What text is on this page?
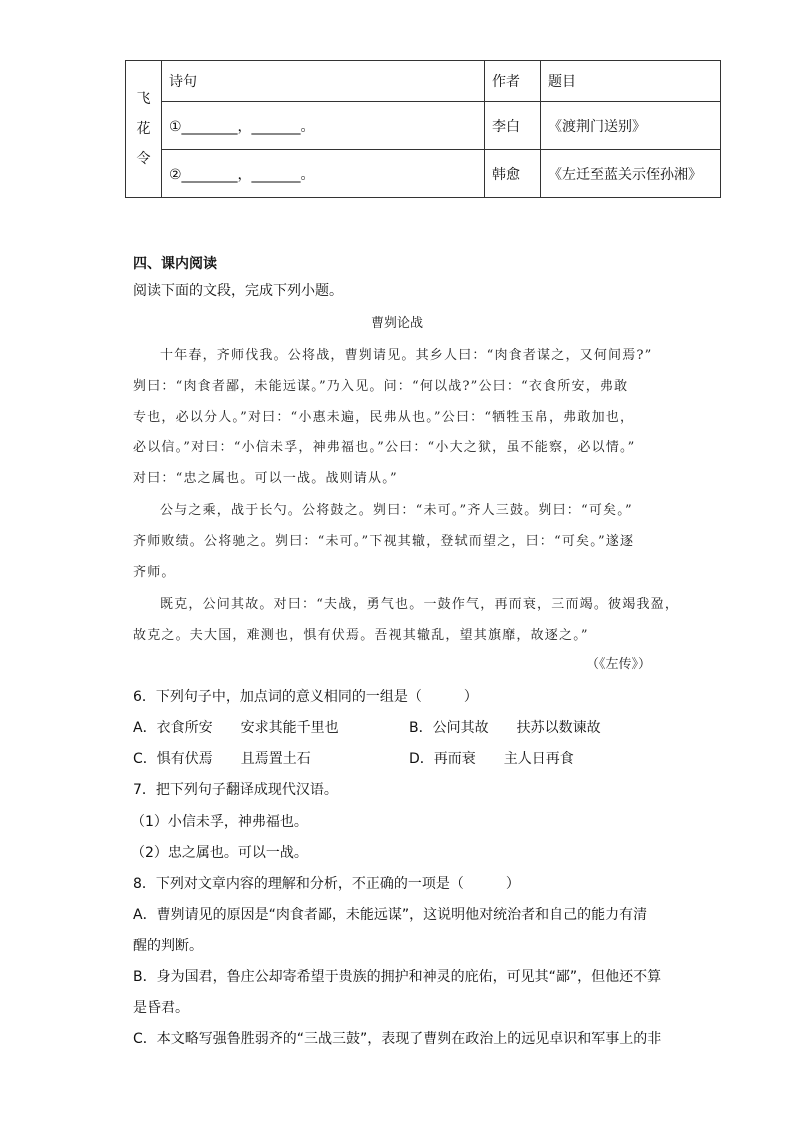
飞
花
令	诗句	作者	题目
	①________，_______。	李白	《渡荆门送别》
	②________，_______。	韩愈	《左迁至蓝关示侄孙湘》
四、课内阅读
阅读下面的文段，完成下列小题。
曹刿论战
十年春，齐师伐我。公将战，曹刿请见。其乡人曰：“肉食者谋之，又何间焉?”
刿曰：“肉食者鄙，未能远谋。”乃入见。问：“何以战?”公曰：“衣食所安，弗敢
专也，必以分人。”对曰：“小惠未遍，民弗从也。”公曰：“牺牲玉帛，弗敢加也，
必以信。”对曰：“小信未孚，神弗福也。”公曰：“小大之狱，虽不能察，必以情。”
对曰：“忠之属也。可以一战。战则请从。”
公与之乘，战于长勺。公将鼓之。刿曰：“未可。”齐人三鼓。刿曰：“可矣。”
齐师败绩。公将驰之。刿曰：“未可。”下视其辙，登轼而望之，曰：“可矣。”遂逐
齐师。
既克，公问其故。对曰：“夫战，勇气也。一鼓作气，再而衰，三而竭。彼竭我盈，
故克之。夫大国，难测也，惧有伏焉。吾视其辙乱，望其旗靡，故逐之。”
（《左传》）
6．下列句子中，加点词的意义相同的一组是（　　　）
A．衣食所安　　安求其能千里也	B．公问其故　　扶苏以数谏故
C．惧有伏焉　　且焉置土石	D．再而衰　　主人日再食
7．把下列句子翻译成现代汉语。
（1）小信未孚，神弗福也。
（2）忠之属也。可以一战。
8．下列对文章内容的理解和分析，不正确的一项是（　　　）
A．曹刿请见的原因是“肉食者鄙，未能远谋”，这说明他对统治者和自己的能力有清
醒的判断。
B．身为国君，鲁庄公却寄希望于贵族的拥护和神灵的庇佑，可见其“鄙”，但他还不算
是昏君。
C．本文略写强鲁胜弱齐的“三战三鼓”，表现了曹刿在政治上的远见卓识和军事上的非
